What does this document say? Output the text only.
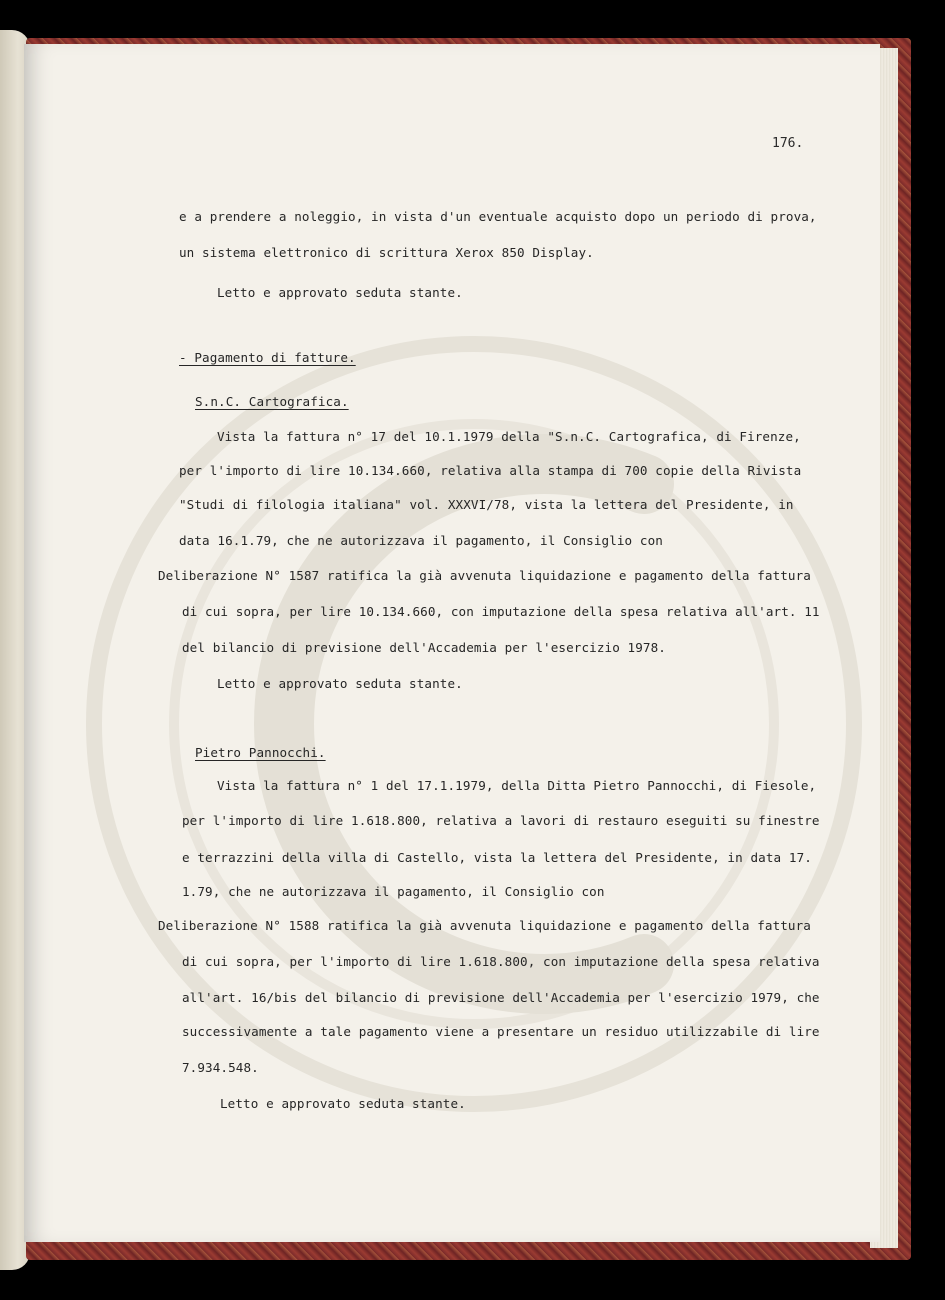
176.
e a prendere a noleggio, in vista d'un eventuale acquisto dopo un periodo di prova,
un sistema elettronico di scrittura Xerox 850 Display.
Letto e approvato seduta stante.
- Pagamento di fatture.
S.n.C. Cartografica.
Vista la fattura n° 17 del 10.1.1979 della "S.n.C. Cartografica, di Firenze,
per l'importo di lire 10.134.660, relativa alla stampa di 700 copie della Rivista
"Studi di filologia italiana" vol. XXXVI/78, vista la lettera del Presidente, in
data 16.1.79, che ne autorizzava il pagamento, il Consiglio con
Deliberazione N° 1587 ratifica la già avvenuta liquidazione e pagamento della fattura
di cui sopra, per lire 10.134.660, con imputazione della spesa relativa all'art. 11
del bilancio di previsione dell'Accademia per l'esercizio 1978.
Letto e approvato seduta stante.
Pietro Pannocchi.
Vista la fattura n° 1 del 17.1.1979, della Ditta Pietro Pannocchi, di Fiesole,
per l'importo di lire 1.618.800, relativa a lavori di restauro eseguiti su finestre
e terrazzini della villa di Castello, vista la lettera del Presidente, in data 17.
1.79, che ne autorizzava il pagamento, il Consiglio con
Deliberazione N° 1588 ratifica la già avvenuta liquidazione e pagamento della fattura
di cui sopra, per l'importo di lire 1.618.800, con imputazione della spesa relativa
all'art. 16/bis del bilancio di previsione dell'Accademia per l'esercizio 1979, che
successivamente a tale pagamento viene a presentare un residuo utilizzabile di lire
7.934.548.
Letto e approvato seduta stante.
